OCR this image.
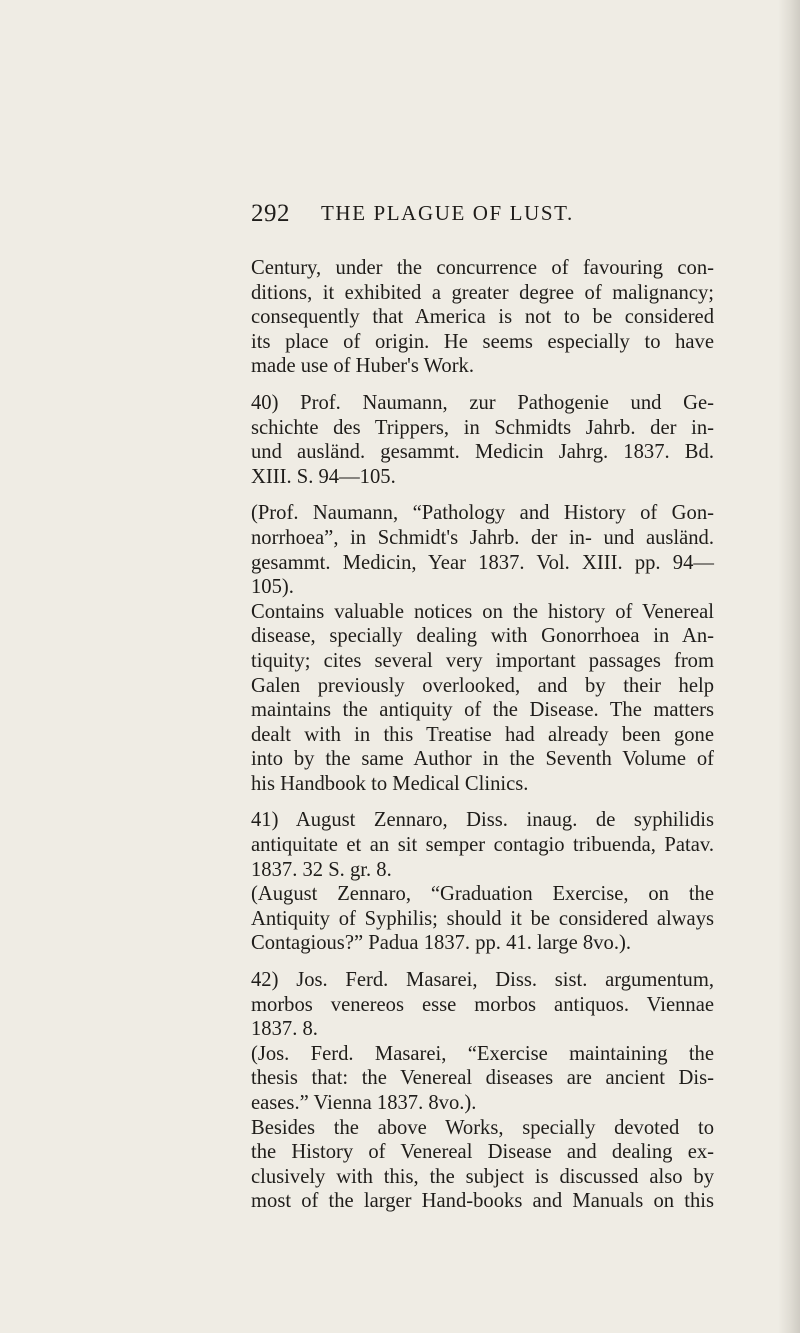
292 THE PLAGUE OF LUST.

Century, under the concurrence of favouring con-
ditions, it exhibited a greater degree of malignancy;
consequently that America is not to be considered
its place of origin. He seems especially to have
made use of Huber's Work.

40) Prof. Naumann, zur Pathogenie und Ge-
schichte des Trippers, in Schmidts Jahrb. der in-
und ausländ. gesammt. Medicin Jahrg. 1837. Bd.
XIII. S. 94—105.

(Prof. Naumann, “Pathology and History of Gon-
norrhoea”, in Schmidt's Jahrb. der in- und ausländ.
gesammt. Medicin, Year 1837. Vol. XIII. pp. 94—
105).

Contains valuable notices on the history of Venereal
disease, specially dealing with Gonorrhoea in An-
tiquity; cites several very important passages from
Galen previously overlooked, and by their help
maintains the antiquity of the Disease. The matters
dealt with in this Treatise had already been gone
into by the same Author in the Seventh Volume of
his Handbook to Medical Clinics.

41) August Zennaro, Diss. inaug. de syphilidis
antiquitate et an sit semper contagio tribuenda, Patav.
1837. 32 S. gr. 8.

(August Zennaro, “Graduation Exercise, on the
Antiquity of Syphilis; should it be considered always
Contagious?” Padua 1837. pp. 41. large 8vo.).

42) Jos. Ferd. Masarei, Diss. sist. argumentum,
morbos venereos esse morbos antiquos. Viennae
1837. 8.

(Jos. Ferd. Masarei, “Exercise maintaining the
thesis that: the Venereal diseases are ancient Dis-
eases.” Vienna 1837. 8vo.).

Besides the above Works, specially devoted to
the History of Venereal Disease and dealing ex-
clusively with this, the subject is discussed also by
most of the larger Hand-books and Manuals on this
